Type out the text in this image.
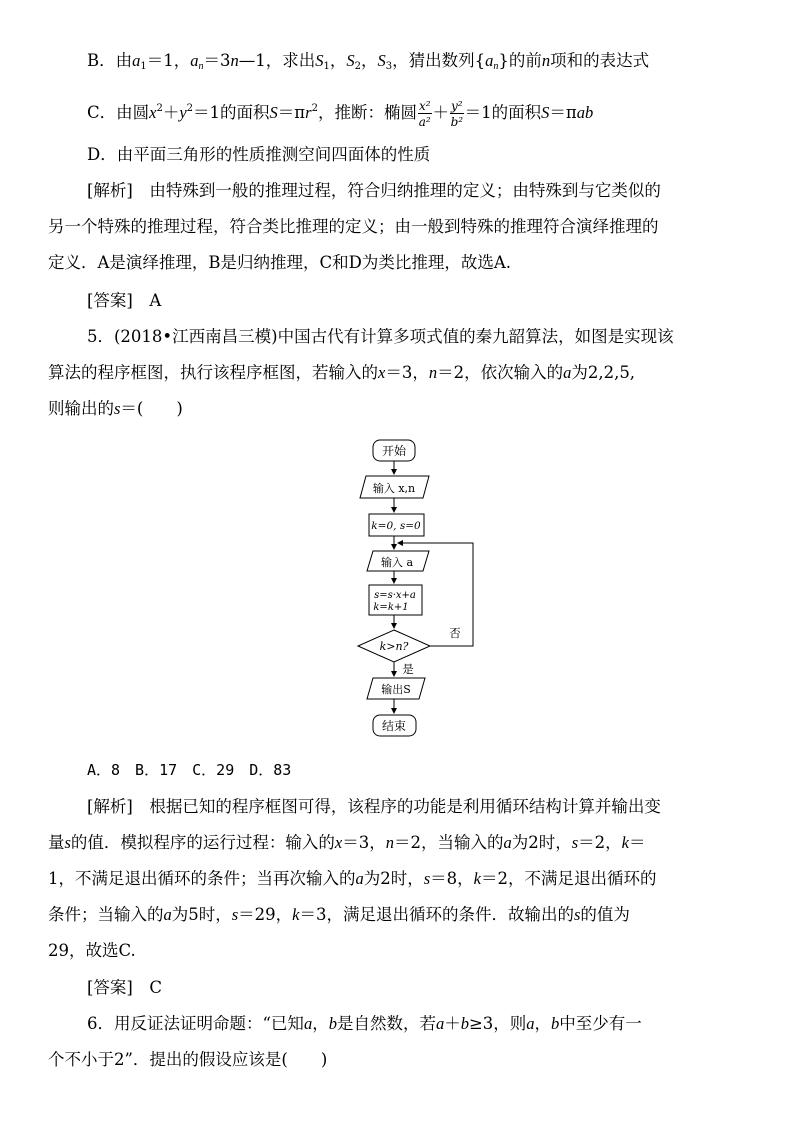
B．由$a_1=1$，$a_n=3n—1$，求出$S_1$，$S_2$，$S_3$，猜出数列$\{a_n\}$的前n项和的表达式
C．由圆$x^2+y^2=1$的面积$S=\pi r^2$，推断：椭圆 $\frac{\text{x²}}{\text{a²}} + \frac{\text{y²}}{\text{b²}} =1$的面积S＝πab
D．由平面三角形的性质推测空间四面体的性质
[解析]　 由特殊到一般的推理过程，符合归纳推理的定义；由特殊到与它类似的
另一个特殊的推理过程，符合类比推理的定义；由一般到特殊的推理符合演绎推理的
定义．A是演绎推理，B是归纳推理，C和D为类比推理，故选A.
[答案]　 A
5．(2018•江西南昌三模)中国古代有计算多项式值的秦九韶算法，如图是实现该
算法的程序框图，执行该程序框图，若输入的x＝3，n＝2，依次输入的a为2,2,5,
则输出的s＝(　　)
开始
输入 x,n
k=0, s=0
输入 a
s=s·x+a
k=k+1
k>n?
否
是
输出S
结束
A．8　B．17　C．29　D．83
[解析]　 根据已知的程序框图可得，该程序的功能是利用循环结构计算并输出变
量s的值．模拟程序的运行过程：输入的x＝3，n＝2，当输入的a为2时，s＝2，k＝
1，不满足退出循环的条件；当再次输入的a为2时，s＝8，k＝2，不满足退出循环的
条件；当输入的a为5时，s＝29，k＝3，满足退出循环的条件．故输出的s的值为
29，故选C.
[答案]　 C
6．用反证法证明命题：“已知a，b是自然数，若a＋b≥3，则a，b中至少有一
个不小于2”．提出的假设应该是(　　)
